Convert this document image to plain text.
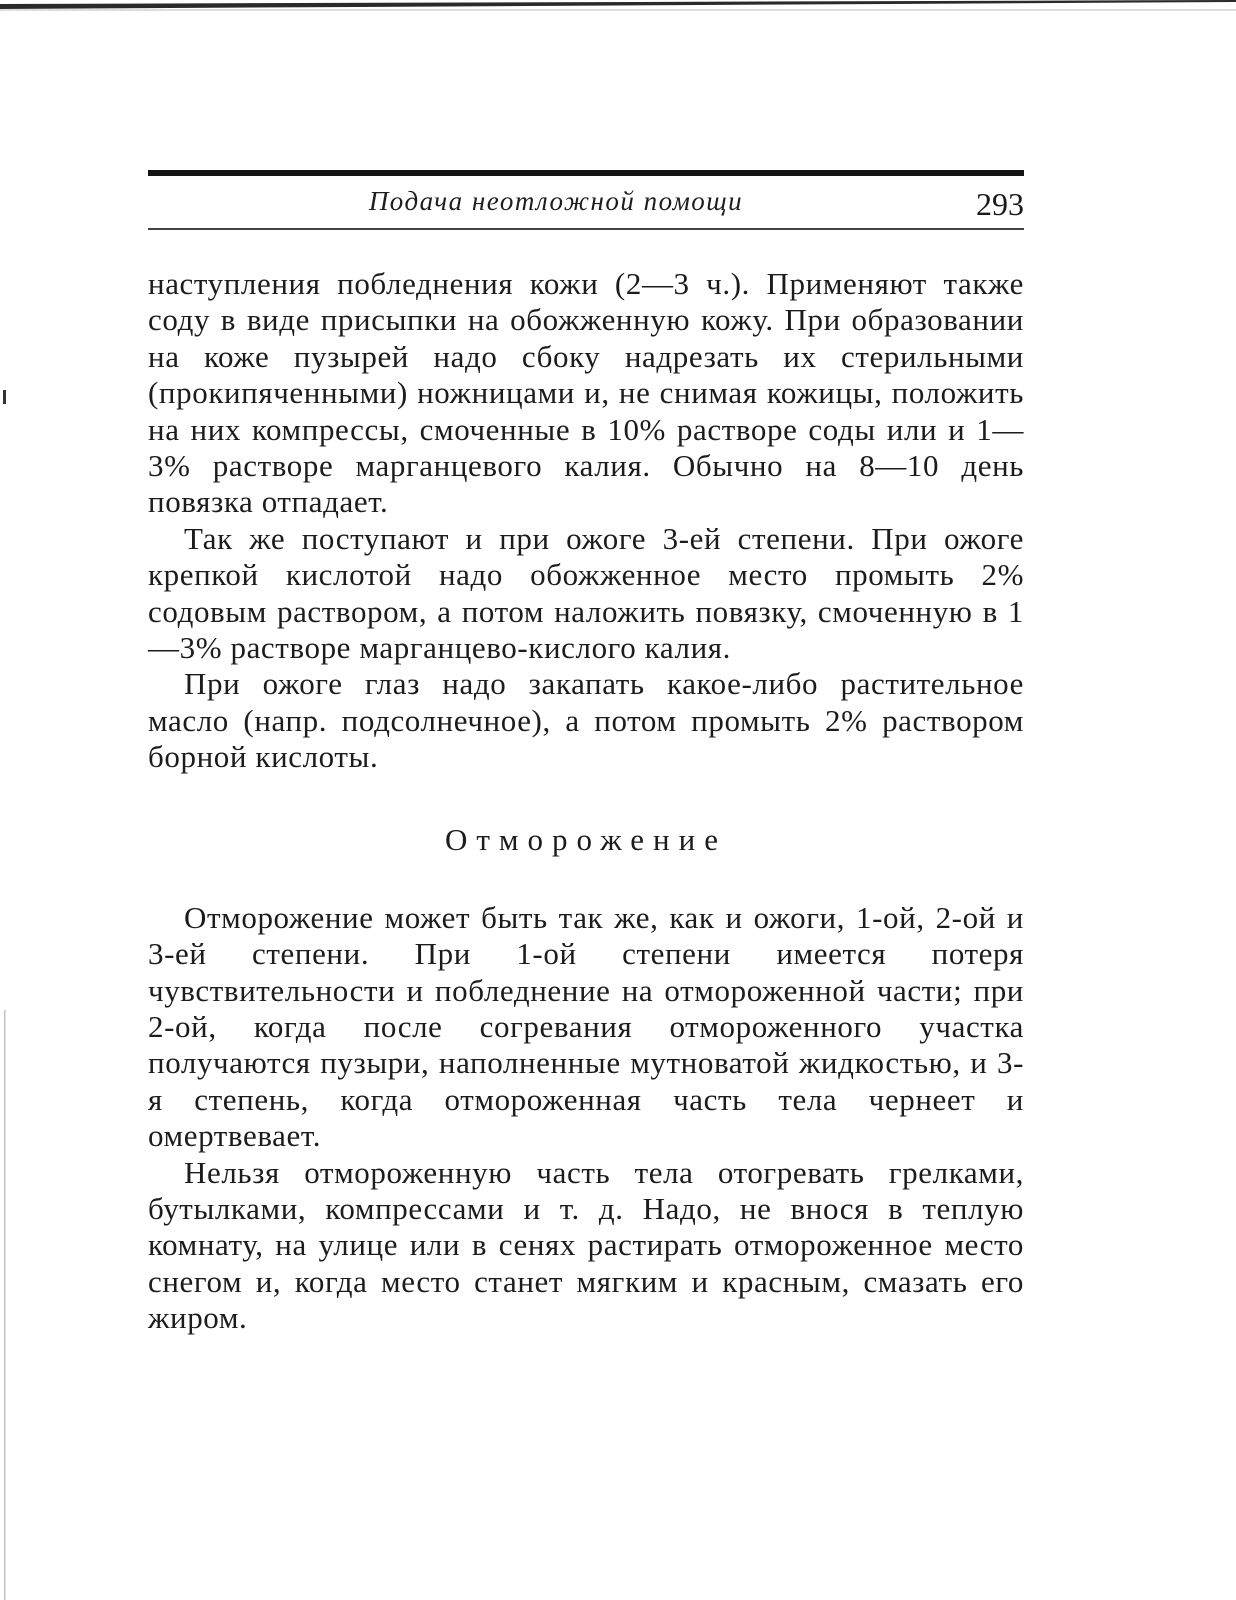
Подача неотложной помощи	293

наступления побледнения кожи (2—3 ч.). Применяют также соду в виде присыпки на обожженную кожу. При образовании на коже пузырей надо сбоку надрезать их стерильными (прокипяченными) ножницами и, не снимая кожицы, положить на них компрессы, смоченные в 10% растворе соды или и 1—3% растворе марганцевого калия. Обычно на 8—10 день повязка отпадает.

Так же поступают и при ожоге 3-ей степени. При ожоге крепкой кислотой надо обожженное место промыть 2% содовым раствором, а потом наложить повязку, смоченную в 1—3% растворе марганцево-кислого калия.

При ожоге глаз надо закапать какое-либо растительное масло (напр. подсолнечное), а потом промыть 2% раствором борной кислоты.

Отморожение

Отморожение может быть так же, как и ожоги, 1-ой, 2-ой и 3-ей степени. При 1-ой степени имеется потеря чувствительности и побледнение на отмороженной части; при 2-ой, когда после согревания отмороженного участка получаются пузыри, наполненные мутноватой жидкостью, и 3-я степень, когда отмороженная часть тела чернеет и омертвевает.

Нельзя отмороженную часть тела отогревать грелками, бутылками, компрессами и т. д. Надо, не внося в теплую комнату, на улице или в сенях растирать отмороженное место снегом и, когда место станет мягким и красным, смазать его жиром.
